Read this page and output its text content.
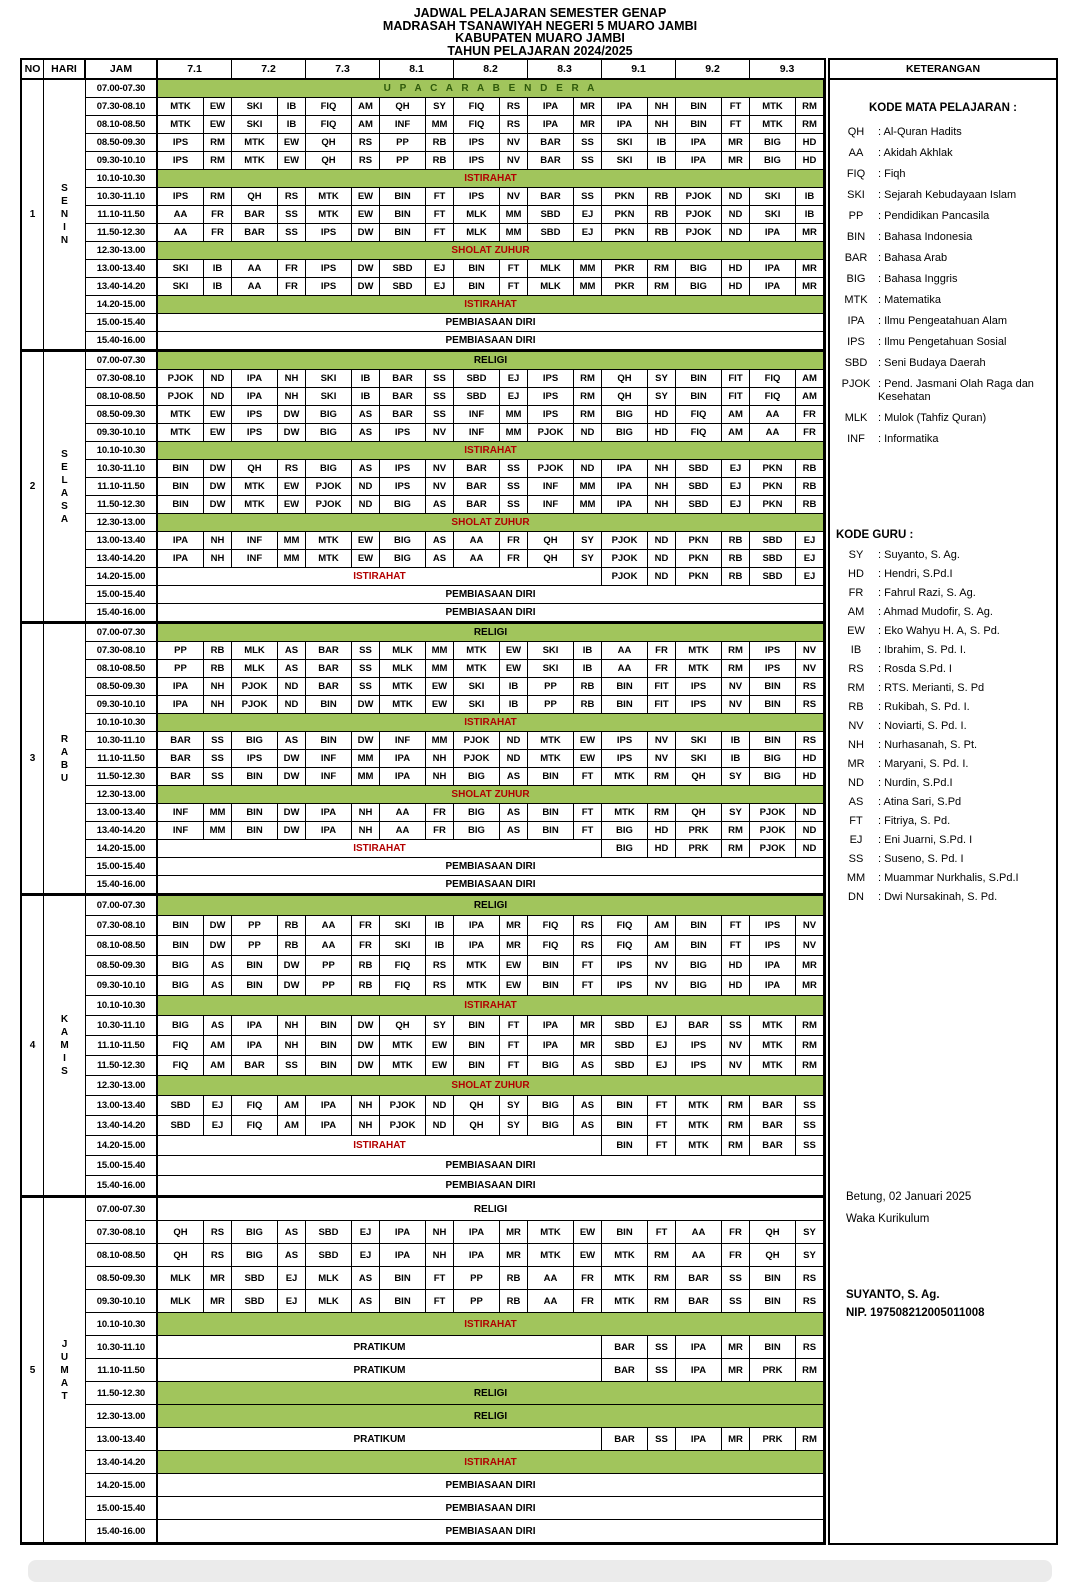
JADWAL PELAJARAN SEMESTER GENAP
MADRASAH TSANAWIYAH NEGERI 5 MUARO JAMBI
KABUPATEN MUARO JAMBI
TAHUN PELAJARAN 2024/2025
NO	HARI	JAM	7.1	7.2	7.3	8.1	8.2	8.3	9.1	9.2	9.3
1
S
E
N
I
N
07.00-07.30	U P A C A R A B E N D E R A
07.30-08.10	MTK	EW	SKI	IB	FIQ	AM	QH	SY	FIQ	RS	IPA	MR	IPA	NH	BIN	FT	MTK	RM
08.10-08.50	MTK	EW	SKI	IB	FIQ	AM	INF	MM	FIQ	RS	IPA	MR	IPA	NH	BIN	FT	MTK	RM
08.50-09.30	IPS	RM	MTK	EW	QH	RS	PP	RB	IPS	NV	BAR	SS	SKI	IB	IPA	MR	BIG	HD
09.30-10.10	IPS	RM	MTK	EW	QH	RS	PP	RB	IPS	NV	BAR	SS	SKI	IB	IPA	MR	BIG	HD
10.10-10.30	ISTIRAHAT
10.30-11.10	IPS	RM	QH	RS	MTK	EW	BIN	FT	IPS	NV	BAR	SS	PKN	RB	PJOK	ND	SKI	IB
11.10-11.50	AA	FR	BAR	SS	MTK	EW	BIN	FT	MLK	MM	SBD	EJ	PKN	RB	PJOK	ND	SKI	IB
11.50-12.30	AA	FR	BAR	SS	IPS	DW	BIN	FT	MLK	MM	SBD	EJ	PKN	RB	PJOK	ND	IPA	MR
12.30-13.00	SHOLAT ZUHUR
13.00-13.40	SKI	IB	AA	FR	IPS	DW	SBD	EJ	BIN	FT	MLK	MM	PKR	RM	BIG	HD	IPA	MR
13.40-14.20	SKI	IB	AA	FR	IPS	DW	SBD	EJ	BIN	FT	MLK	MM	PKR	RM	BIG	HD	IPA	MR
14.20-15.00	ISTIRAHAT
15.00-15.40	PEMBIASAAN DIRI
15.40-16.00	PEMBIASAAN DIRI
2
S
E
L
A
S
A
07.00-07.30	RELIGI
07.30-08.10	PJOK	ND	IPA	NH	SKI	IB	BAR	SS	SBD	EJ	IPS	RM	QH	SY	BIN	FIT	FIQ	AM
08.10-08.50	PJOK	ND	IPA	NH	SKI	IB	BAR	SS	SBD	EJ	IPS	RM	QH	SY	BIN	FIT	FIQ	AM
08.50-09.30	MTK	EW	IPS	DW	BIG	AS	BAR	SS	INF	MM	IPS	RM	BIG	HD	FIQ	AM	AA	FR
09.30-10.10	MTK	EW	IPS	DW	BIG	AS	IPS	NV	INF	MM	PJOK	ND	BIG	HD	FIQ	AM	AA	FR
10.10-10.30	ISTIRAHAT
10.30-11.10	BIN	DW	QH	RS	BIG	AS	IPS	NV	BAR	SS	PJOK	ND	IPA	NH	SBD	EJ	PKN	RB
11.10-11.50	BIN	DW	MTK	EW	PJOK	ND	IPS	NV	BAR	SS	INF	MM	IPA	NH	SBD	EJ	PKN	RB
11.50-12.30	BIN	DW	MTK	EW	PJOK	ND	BIG	AS	BAR	SS	INF	MM	IPA	NH	SBD	EJ	PKN	RB
12.30-13.00	SHOLAT ZUHUR
13.00-13.40	IPA	NH	INF	MM	MTK	EW	BIG	AS	AA	FR	QH	SY	PJOK	ND	PKN	RB	SBD	EJ
13.40-14.20	IPA	NH	INF	MM	MTK	EW	BIG	AS	AA	FR	QH	SY	PJOK	ND	PKN	RB	SBD	EJ
14.20-15.00	ISTIRAHAT	PJOK	ND	PKN	RB	SBD	EJ
15.00-15.40	PEMBIASAAN DIRI
15.40-16.00	PEMBIASAAN DIRI
3
R
A
B
U
07.00-07.30	RELIGI
07.30-08.10	PP	RB	MLK	AS	BAR	SS	MLK	MM	MTK	EW	SKI	IB	AA	FR	MTK	RM	IPS	NV
08.10-08.50	PP	RB	MLK	AS	BAR	SS	MLK	MM	MTK	EW	SKI	IB	AA	FR	MTK	RM	IPS	NV
08.50-09.30	IPA	NH	PJOK	ND	BAR	SS	MTK	EW	SKI	IB	PP	RB	BIN	FIT	IPS	NV	BIN	RS
09.30-10.10	IPA	NH	PJOK	ND	BIN	DW	MTK	EW	SKI	IB	PP	RB	BIN	FIT	IPS	NV	BIN	RS
10.10-10.30	ISTIRAHAT
10.30-11.10	BAR	SS	BIG	AS	BIN	DW	INF	MM	PJOK	ND	MTK	EW	IPS	NV	SKI	IB	BIN	RS
11.10-11.50	BAR	SS	IPS	DW	INF	MM	IPA	NH	PJOK	ND	MTK	EW	IPS	NV	SKI	IB	BIG	HD
11.50-12.30	BAR	SS	BIN	DW	INF	MM	IPA	NH	BIG	AS	BIN	FT	MTK	RM	QH	SY	BIG	HD
12.30-13.00	SHOLAT ZUHUR
13.00-13.40	INF	MM	BIN	DW	IPA	NH	AA	FR	BIG	AS	BIN	FT	MTK	RM	QH	SY	PJOK	ND
13.40-14.20	INF	MM	BIN	DW	IPA	NH	AA	FR	BIG	AS	BIN	FT	BIG	HD	PRK	RM	PJOK	ND
14.20-15.00	ISTIRAHAT	BIG	HD	PRK	RM	PJOK	ND
15.00-15.40	PEMBIASAAN DIRI
15.40-16.00	PEMBIASAAN DIRI
4
K
A
M
I
S
07.00-07.30	RELIGI
07.30-08.10	BIN	DW	PP	RB	AA	FR	SKI	IB	IPA	MR	FIQ	RS	FIQ	AM	BIN	FT	IPS	NV
08.10-08.50	BIN	DW	PP	RB	AA	FR	SKI	IB	IPA	MR	FIQ	RS	FIQ	AM	BIN	FT	IPS	NV
08.50-09.30	BIG	AS	BIN	DW	PP	RB	FIQ	RS	MTK	EW	BIN	FT	IPS	NV	BIG	HD	IPA	MR
09.30-10.10	BIG	AS	BIN	DW	PP	RB	FIQ	RS	MTK	EW	BIN	FT	IPS	NV	BIG	HD	IPA	MR
10.10-10.30	ISTIRAHAT
10.30-11.10	BIG	AS	IPA	NH	BIN	DW	QH	SY	BIN	FT	IPA	MR	SBD	EJ	BAR	SS	MTK	RM
11.10-11.50	FIQ	AM	IPA	NH	BIN	DW	MTK	EW	BIN	FT	IPA	MR	SBD	EJ	IPS	NV	MTK	RM
11.50-12.30	FIQ	AM	BAR	SS	BIN	DW	MTK	EW	BIN	FT	BIG	AS	SBD	EJ	IPS	NV	MTK	RM
12.30-13.00	SHOLAT ZUHUR
13.00-13.40	SBD	EJ	FIQ	AM	IPA	NH	PJOK	ND	QH	SY	BIG	AS	BIN	FT	MTK	RM	BAR	SS
13.40-14.20	SBD	EJ	FIQ	AM	IPA	NH	PJOK	ND	QH	SY	BIG	AS	BIN	FT	MTK	RM	BAR	SS
14.20-15.00	ISTIRAHAT	BIN	FT	MTK	RM	BAR	SS
15.00-15.40	PEMBIASAAN DIRI
15.40-16.00	PEMBIASAAN DIRI
5
J
U
M
A
T
07.00-07.30	RELIGI
07.30-08.10	QH	RS	BIG	AS	SBD	EJ	IPA	NH	IPA	MR	MTK	EW	BIN	FT	AA	FR	QH	SY
08.10-08.50	QH	RS	BIG	AS	SBD	EJ	IPA	NH	IPA	MR	MTK	EW	MTK	RM	AA	FR	QH	SY
08.50-09.30	MLK	MR	SBD	EJ	MLK	AS	BIN	FT	PP	RB	AA	FR	MTK	RM	BAR	SS	BIN	RS
09.30-10.10	MLK	MR	SBD	EJ	MLK	AS	BIN	FT	PP	RB	AA	FR	MTK	RM	BAR	SS	BIN	RS
10.10-10.30	ISTIRAHAT
10.30-11.10	PRATIKUM	BAR	SS	IPA	MR	BIN	RS
11.10-11.50	PRATIKUM	BAR	SS	IPA	MR	PRK	RM
11.50-12.30	RELIGI
12.30-13.00	RELIGI
13.00-13.40	PRATIKUM	BAR	SS	IPA	MR	PRK	RM
13.40-14.20	ISTIRAHAT
14.20-15.00	PEMBIASAAN DIRI
15.00-15.40	PEMBIASAAN DIRI
15.40-16.00	PEMBIASAAN DIRI
KETERANGAN
KODE MATA PELAJARAN :
QH	: Al-Quran Hadits
AA	: Akidah Akhlak
FIQ	: Fiqh
SKI	: Sejarah Kebudayaan Islam
PP	: Pendidikan Pancasila
BIN	: Bahasa Indonesia
BAR : Bahasa Arab
BIG	: Bahasa Inggris
MTK : Matematika
IPA	: Ilmu Pengeatahuan Alam
IPS	: Ilmu Pengetahuan Sosial
SBD : Seni Budaya Daerah
PJOK : Pend. Jasmani Olah Raga dan Kesehatan
MLK : Mulok (Tahfiz Quran)
INF	: Informatika
KODE GURU :
SY	: Suyanto, S. Ag.
HD	: Hendri, S.Pd.I
FR	: Fahrul Razi, S. Ag.
AM	: Ahmad Mudofir, S. Ag.
EW	: Eko Wahyu H. A, S. Pd.
IB	: Ibrahim, S. Pd. I.
RS	: Rosda S.Pd. I
RM	: RTS. Merianti, S. Pd
RB	: Rukibah, S. Pd. I.
NV	: Noviarti, S. Pd. I.
NH	: Nurhasanah, S. Pt.
MR	: Maryani, S. Pd. I.
ND	: Nurdin, S.Pd.I
AS	: Atina Sari, S.Pd
FT	: Fitriya, S. Pd.
EJ	: Eni Juarni, S.Pd. I
SS	: Suseno, S. Pd. I
MM	: Muammar Nurkhalis, S.Pd.I
DN	: Dwi Nursakinah, S. Pd.
Betung, 02 Januari 2025
Waka Kurikulum
SUYANTO, S. Ag.
NIP. 197508212005011008
